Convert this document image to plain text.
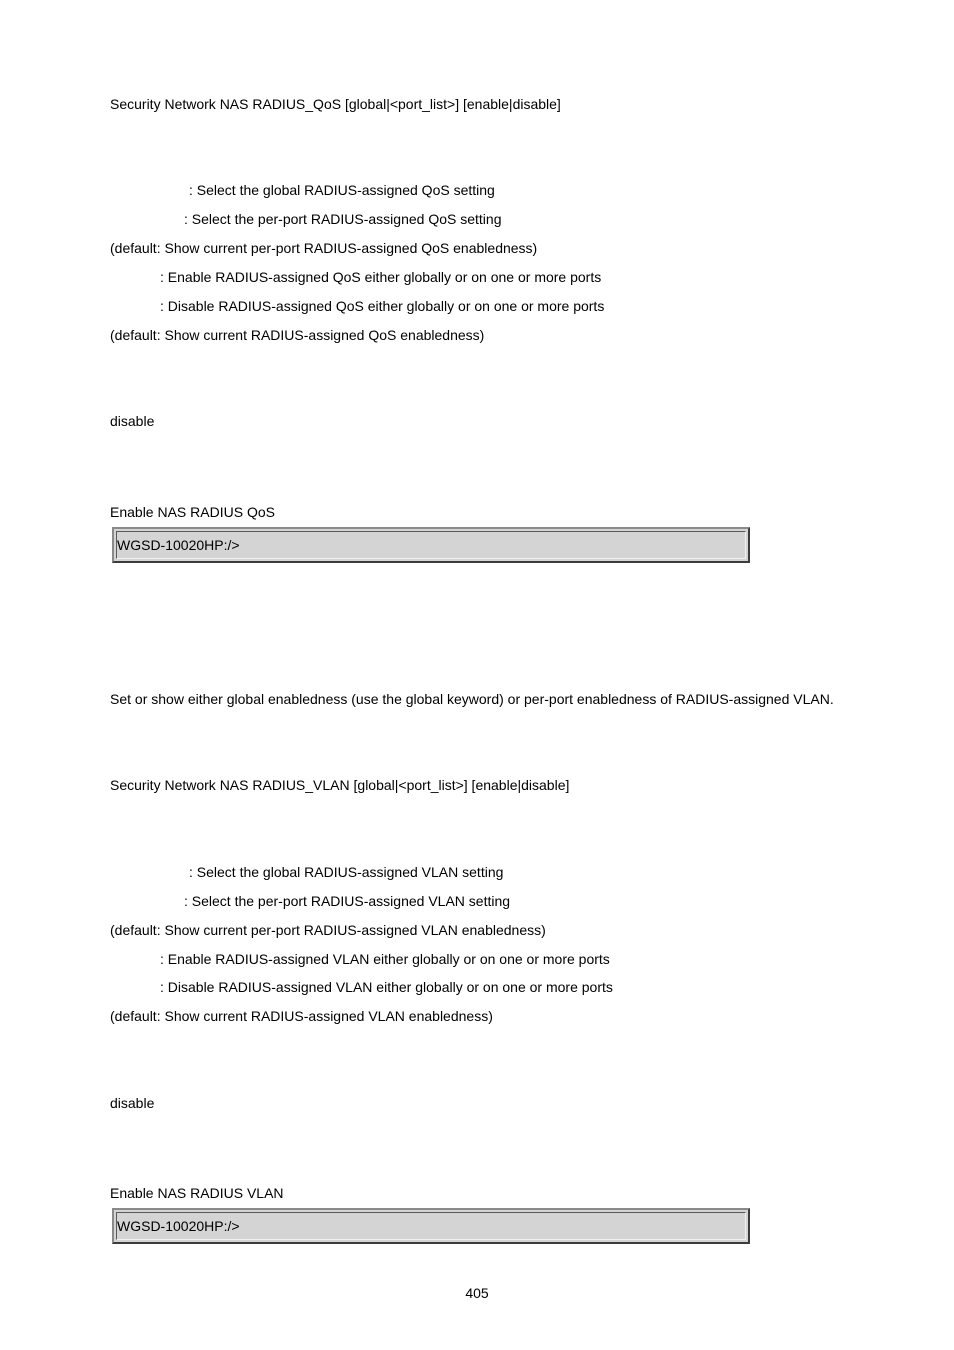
Security Network NAS RADIUS_QoS [global|<port_list>] [enable|disable]
: Select the global RADIUS-assigned QoS setting
: Select the per-port RADIUS-assigned QoS setting
(default: Show current per-port RADIUS-assigned QoS enabledness)
: Enable RADIUS-assigned QoS either globally or on one or more ports
: Disable RADIUS-assigned QoS either globally or on one or more ports
(default: Show current RADIUS-assigned QoS enabledness)
disable
Enable NAS RADIUS QoS
WGSD-10020HP:/>
Set or show either global enabledness (use the global keyword) or per-port enabledness of RADIUS-assigned VLAN.
Security Network NAS RADIUS_VLAN [global|<port_list>] [enable|disable]
: Select the global RADIUS-assigned VLAN setting
: Select the per-port RADIUS-assigned VLAN setting
(default: Show current per-port RADIUS-assigned VLAN enabledness)
: Enable RADIUS-assigned VLAN either globally or on one or more ports
: Disable RADIUS-assigned VLAN either globally or on one or more ports
(default: Show current RADIUS-assigned VLAN enabledness)
disable
Enable NAS RADIUS VLAN
WGSD-10020HP:/>
405
